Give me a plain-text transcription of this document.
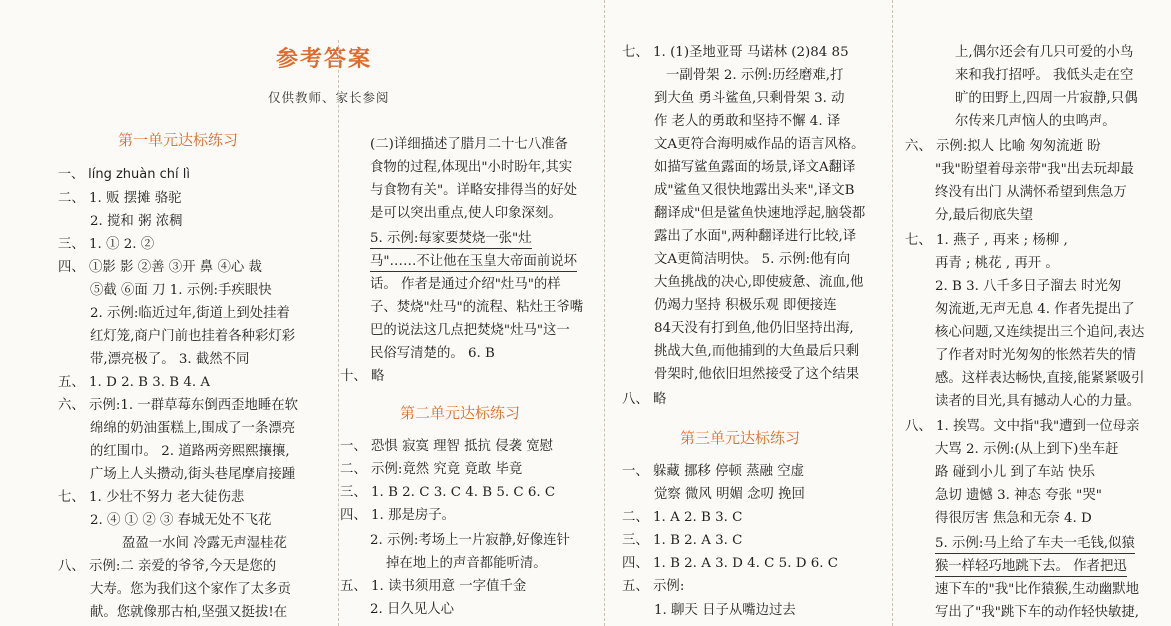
参考答案
仅供教师、家长参阅
第一单元达标练习
一、 líng zhuàn chí lì
二、 1. 贩 摆摊 骆驼
2. 搅和 粥 浓稠
三、 1. ① 2. ②
四、 ①影 影 ②善 ③开 鼻 ④心 裁
⑤截 ⑥面 刀 1. 示例:手疾眼快
2. 示例:临近过年,街道上到处挂着
红灯笼,商户门前也挂着各种彩灯彩
带,漂亮极了。 3. 截然不同
五、 1. D 2. B 3. B 4. A
六、 示例:1. 一群草莓东倒西歪地睡在软
绵绵的奶油蛋糕上,围成了一条漂亮
的红围巾。 2. 道路两旁熙熙攘攘,
广场上人头攒动,街头巷尾摩肩接踵
七、 1. 少壮不努力 老大徒伤悲
2. ④ ① ② ③ 春城无处不飞花
盈盈一水间 冷露无声湿桂花
八、 示例:二 亲爱的爷爷,今天是您的
大寿。您为我们这个家作了太多贡
献。您就像那古柏,坚强又挺拔!在
(二)详细描述了腊月二十七八准备
食物的过程,体现出"小时盼年,其实
与食物有关"。详略安排得当的好处
是可以突出重点,使人印象深刻。
5. 示例:每家要焚烧一张"灶
马"……不让他在玉皇大帝面前说坏
话。 作者是通过介绍"灶马"的样
子、焚烧"灶马"的流程、粘灶王爷嘴
巴的说法这几点把焚烧"灶马"这一
民俗写清楚的。 6. B
十、 略
第二单元达标练习
一、 恐惧 寂寞 理智 抵抗 侵袭 宽慰
二、 示例:竟然 究竟 竟敢 毕竟
三、 1. B 2. C 3. C 4. B 5. C 6. C
四、 1. 那是房子。
2. 示例:考场上一片寂静,好像连针
掉在地上的声音都能听清。
五、 1. 读书须用意 一字值千金
2. 日久见人心
七、 1. (1)圣地亚哥 马诺林 (2)84 85
一副骨架 2. 示例:历经磨难,打
到大鱼 勇斗鲨鱼,只剩骨架 3. 动
作 老人的勇敢和坚持不懈 4. 译
文A更符合海明威作品的语言风格。
如描写鲨鱼露面的场景,译文A翻译
成"鲨鱼又很快地露出头来",译文B
翻译成"但是鲨鱼快速地浮起,脑袋都
露出了水面",两种翻译进行比较,译
文A更简洁明快。 5. 示例:他有向
大鱼挑战的决心,即使疲惫、流血,他
仍竭力坚持 积极乐观 即便接连
84天没有打到鱼,他仍旧坚持出海,
挑战大鱼,而他捕到的大鱼最后只剩
骨架时,他依旧坦然接受了这个结果
八、 略
第三单元达标练习
一、 躲藏 挪移 停顿 蒸融 空虚
觉察 微风 明媚 念叨 挽回
二、 1. A 2. B 3. C
三、 1. B 2. A 3. C
四、 1. B 2. A 3. D 4. C 5. D 6. C
五、 示例:
1. 聊天 日子从嘴边过去
上,偶尔还会有几只可爱的小鸟
来和我打招呼。 我低头走在空
旷的田野上,四周一片寂静,只偶
尔传来几声恼人的虫鸣声。
六、 示例:拟人 比喻 匆匆流逝 盼
"我"盼望着母亲带"我"出去玩却最
终没有出门 从满怀希望到焦急万
分,最后彻底失望
七、 1. 燕子 , 再来 ; 杨柳 ,
再青 ; 桃花 , 再开 。
2. B 3. 八千多日子溜去 时光匆
匆流逝,无声无息 4. 作者先提出了
核心问题,又连续提出三个追问,表达
了作者对时光匆匆的怅然若失的情
感。这样表达畅快,直接,能紧紧吸引
读者的目光,具有撼动人心的力量。
八、 1. 挨骂。文中指"我"遭到一位母亲
大骂 2. 示例:(从上到下)坐车赶
路 碰到小儿 到了车站 快乐
急切 遗憾 3. 神态 夸张 "哭"
得很厉害 焦急和无奈 4. D
5. 示例:马上给了车夫一毛钱,似猿
猴一样轻巧地跳下去。 作者把迅
速下车的"我"比作猿猴,生动幽默地
写出了"我"跳下车的动作轻快敏捷,
